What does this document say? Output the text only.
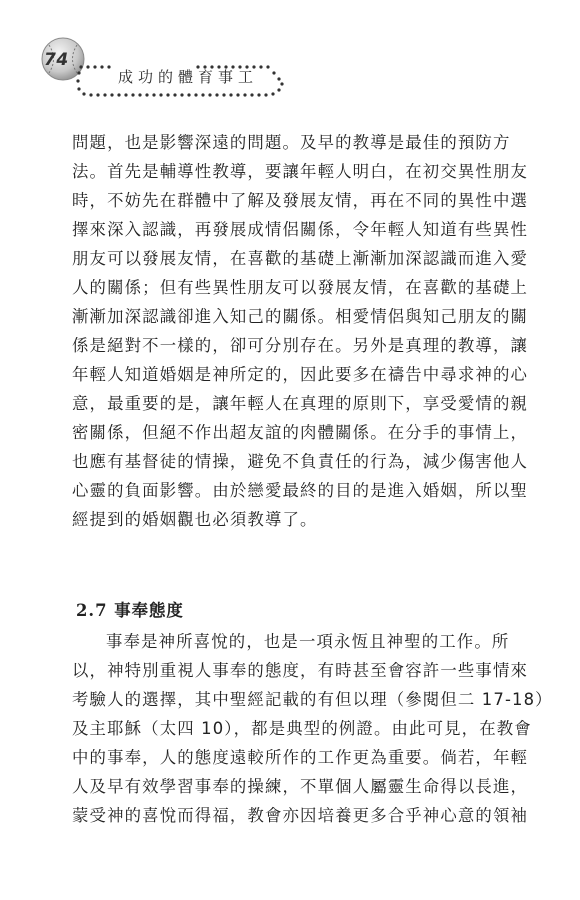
74
成功的體育事工
問題，也是影響深遠的問題。及早的教導是最佳的預防方
法。首先是輔導性教導，要讓年輕人明白，在初交異性朋友
時，不妨先在群體中了解及發展友情，再在不同的異性中選
擇來深入認識，再發展成情侶關係，令年輕人知道有些異性
朋友可以發展友情，在喜歡的基礎上漸漸加深認識而進入愛
人的關係；但有些異性朋友可以發展友情，在喜歡的基礎上
漸漸加深認識卻進入知己的關係。相愛情侶與知己朋友的關
係是絕對不一樣的，卻可分別存在。另外是真理的教導，讓
年輕人知道婚姻是神所定的，因此要多在禱告中尋求神的心
意，最重要的是，讓年輕人在真理的原則下，享受愛情的親
密關係，但絕不作出超友誼的肉體關係。在分手的事情上，
也應有基督徒的情操，避免不負責任的行為，減少傷害他人
心靈的負面影響。由於戀愛最終的目的是進入婚姻，所以聖
經提到的婚姻觀也必須教導了。
2.7 事奉態度
事奉是神所喜悅的，也是一項永恆且神聖的工作。所
以，神特別重視人事奉的態度，有時甚至會容許一些事情來
考驗人的選擇，其中聖經記載的有但以理（參閱但二 17-18）
及主耶穌（太四 10），都是典型的例證。由此可見，在教會
中的事奉，人的態度遠較所作的工作更為重要。倘若，年輕
人及早有效學習事奉的操練，不單個人屬靈生命得以長進，
蒙受神的喜悅而得福，教會亦因培養更多合乎神心意的領袖
